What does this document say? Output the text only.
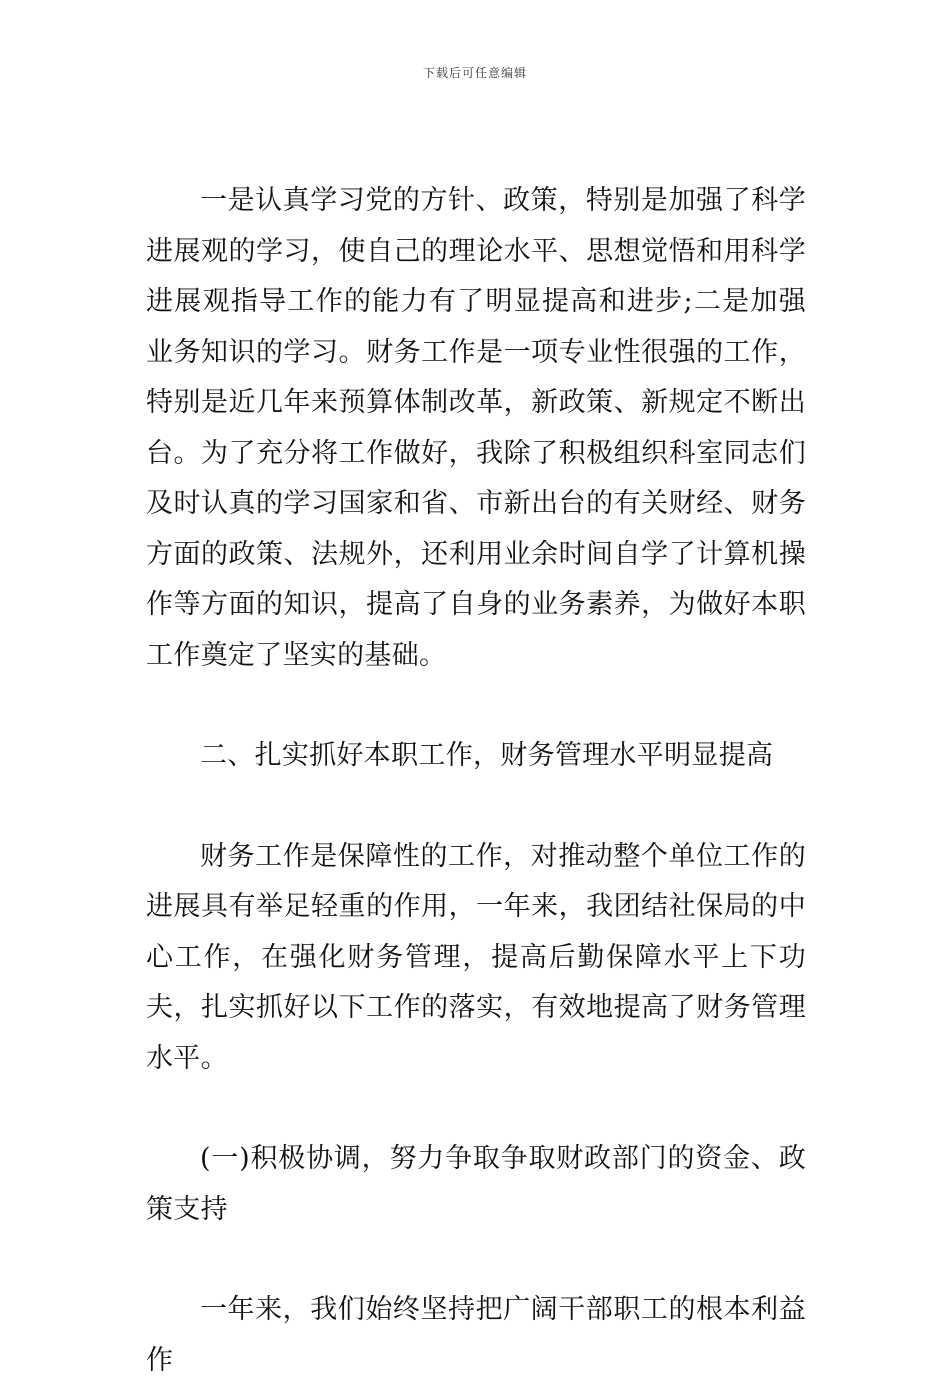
下载后可任意编辑

一是认真学习党的方针、政策，特别是加强了科学进展观的学习，使自己的理论水平、思想觉悟和用科学进展观指导工作的能力有了明显提高和进步;二是加强业务知识的学习。财务工作是一项专业性很强的工作，特别是近几年来预算体制改革，新政策、新规定不断出台。为了充分将工作做好，我除了积极组织科室同志们及时认真的学习国家和省、市新出台的有关财经、财务方面的政策、法规外，还利用业余时间自学了计算机操作等方面的知识，提高了自身的业务素养，为做好本职工作奠定了坚实的基础。

二、扎实抓好本职工作，财务管理水平明显提高

财务工作是保障性的工作，对推动整个单位工作的进展具有举足轻重的作用，一年来，我团结社保局的中心工作，在强化财务管理，提高后勤保障水平上下功夫，扎实抓好以下工作的落实，有效地提高了财务管理水平。

(一)积极协调，努力争取争取财政部门的资金、政策支持

一年来，我们始终坚持把广阔干部职工的根本利益作
